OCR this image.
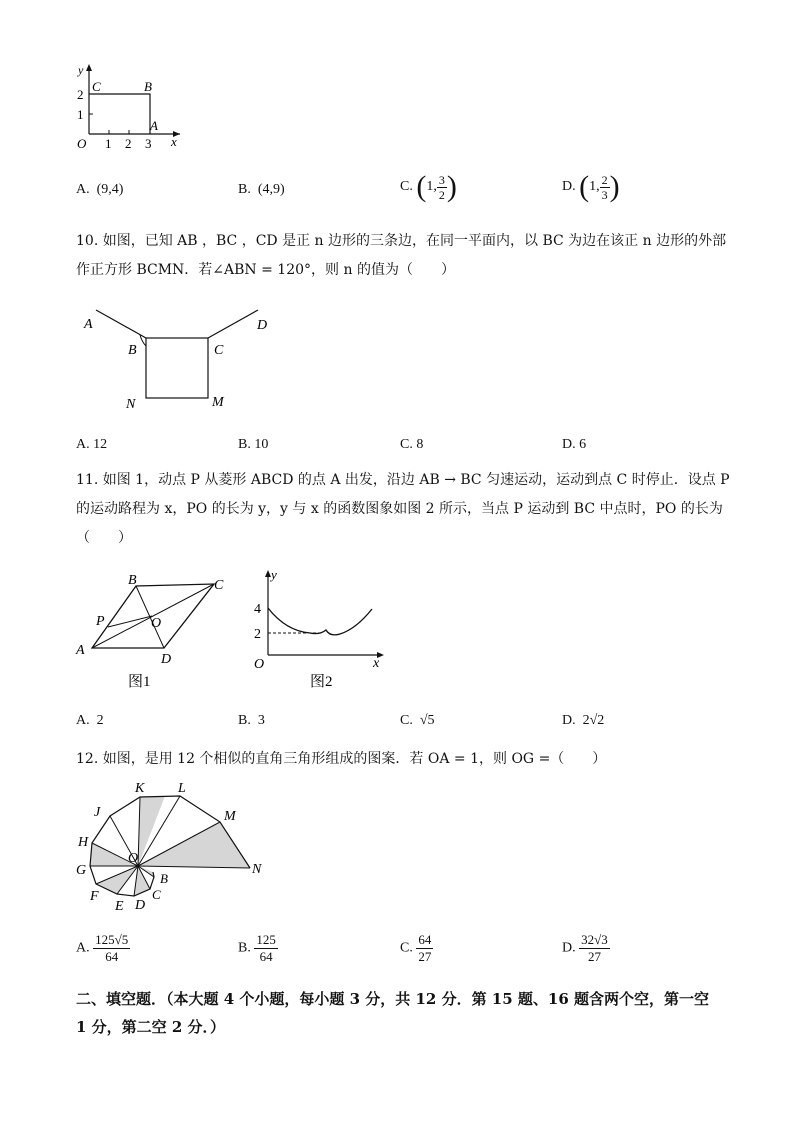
y
x
O
2
1
1 2 3
C	B
A
A. (9,4)	B. (4,9)	C. (1, $\frac{3}{2}$ )	D. (1, $\frac{2}{3}$ )
10. 如图，已知 AB ，BC ，CD 是正 n 边形的三条边，在同一平面内，以 BC 为边在该正 n 边形的外部
作正方形 BCMN．若∠ABN = 120°，则 n 的值为（　　）
A
B	C
D
N	M
A. 12	B. 10	C. 8	D. 6
11. 如图 1，动点 P 从菱形 ABCD 的点 A 出发，沿边 AB → BC 匀速运动，运动到点 C 时停止．设点 P
的运动路程为 x，PO 的长为 y，y 与 x 的函数图象如图 2 所示，当点 P 运动到 BC 中点时，PO 的长为
（　　）
B	C
P	O
A
D
图1
y
x
O
4
2
图2
A. 2	B. 3	C. √5	D. 2√2
12. 如图，是用 12 个相似的直角三角形组成的图案．若 OA = 1，则 OG =（　　）
K L
J	M
H
O
N
G
B
F	C
E D
A. $\frac{125√5}{64}$	B. $\frac{125}{64}$	C. $\frac{64}{27}$	D. $\frac{32√3}{27}$
二、填空题．（本大题 4 个小题，每小题 3 分，共 12 分．第 15 题、16 题含两个空，第一空
1 分，第二空 2 分．）
